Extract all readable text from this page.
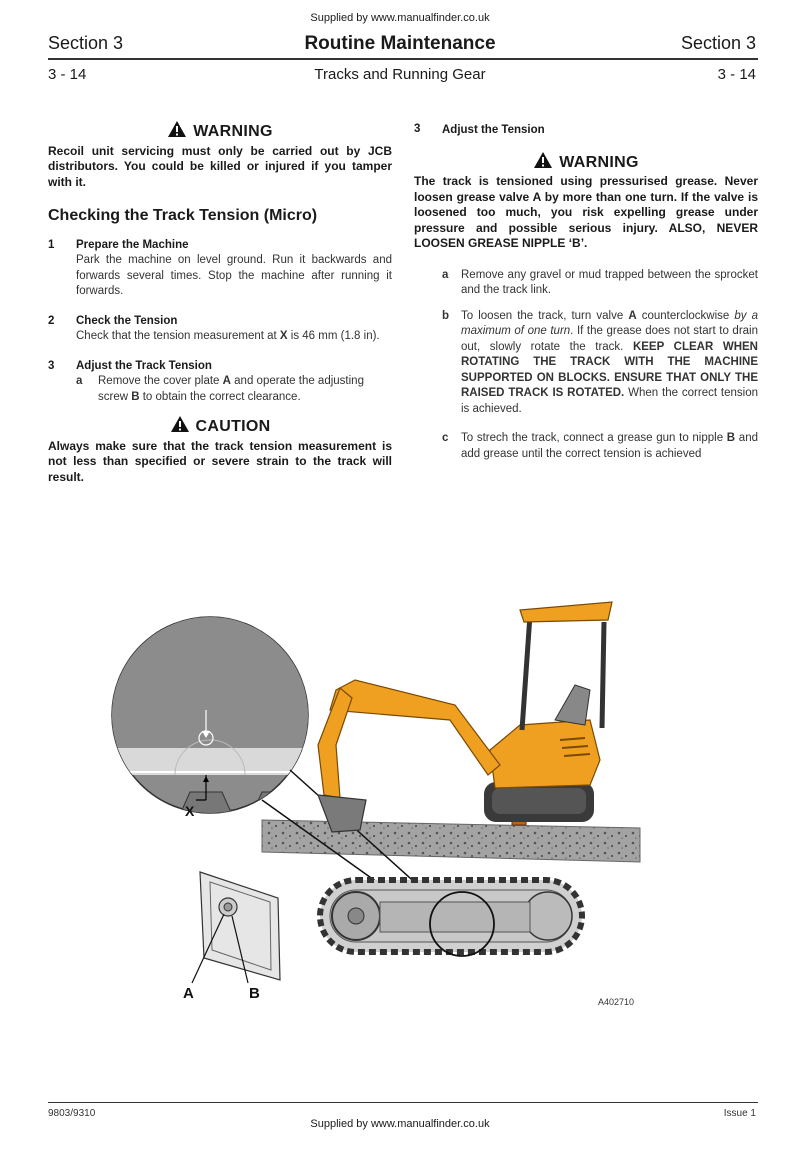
Supplied by www.manualfinder.co.uk
Section 3	Routine Maintenance	Section 3
3 - 14	Tracks and Running Gear	3 - 14
WARNING
Recoil unit servicing must only be carried out by JCB distributors. You could be killed or injured if you tamper with it.
Checking the Track Tension (Micro)
1 Prepare the Machine
Park the machine on level ground. Run it backwards and forwards several times. Stop the machine after running it forwards.
2 Check the Tension
Check that the tension measurement at X is 46 mm (1.8 in).
3 Adjust the Track Tension
a Remove the cover plate A and operate the adjusting screw B to obtain the correct clearance.
CAUTION
Always make sure that the track tension measurement is not less than specified or severe strain to the track will result.
3 Adjust the Tension
WARNING
The track is tensioned using pressurised grease. Never loosen grease valve A by more than one turn. If the valve is loosened too much, you risk expelling grease under pressure and possible serious injury. ALSO, NEVER LOOSEN GREASE NIPPLE ‘B’.
a Remove any gravel or mud trapped between the sprocket and the track link.
b To loosen the track, turn valve A counterclockwise by a maximum of one turn. If the grease does not start to drain out, slowly rotate the track. KEEP CLEAR WHEN ROTATING THE TRACK WITH THE MACHINE SUPPORTED ON BLOCKS. ENSURE THAT ONLY THE RAISED TRACK IS ROTATED. When the correct tension is achieved.
c To strech the track, connect a grease gun to nipple B and add grease until the correct tension is achieved
X
A	B	A402710
9803/9310	Issue 1
Supplied by www.manualfinder.co.uk
